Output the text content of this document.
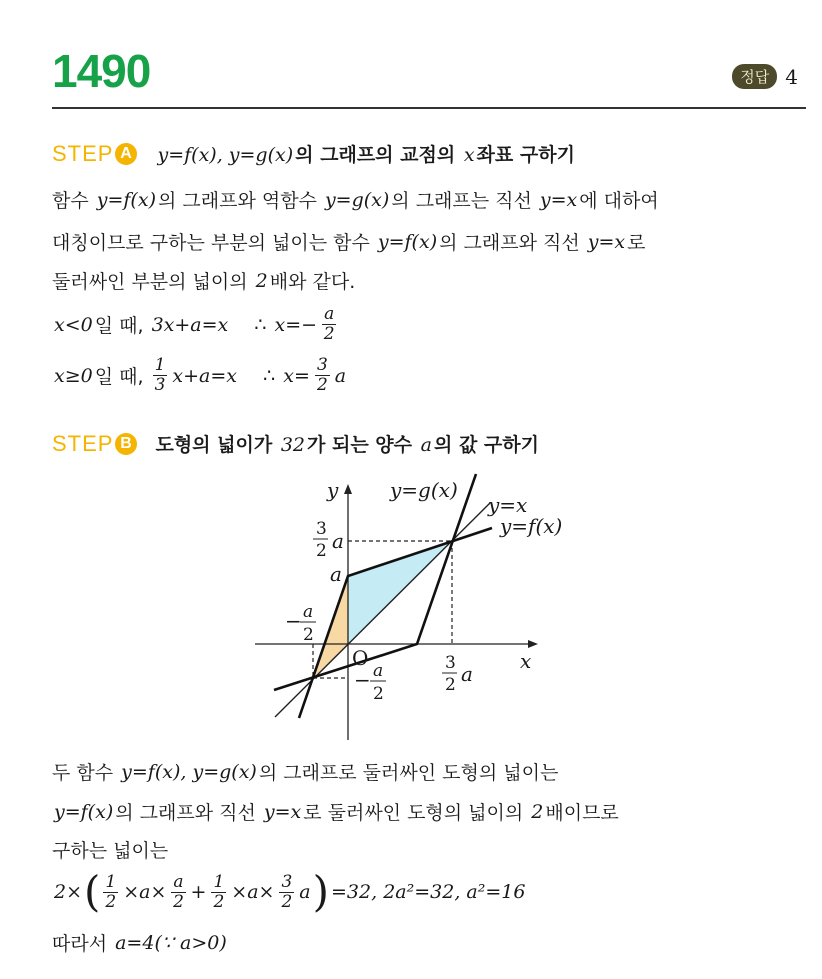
1490	정답 4
STEP A y=f(x), y=g(x) 의 그래프의 교점의 x 좌표 구하기
함수 y=f(x) 의 그래프와 역함수 y=g(x) 의 그래프는 직선 y=x 에 대하여
대칭이므로 구하는 부분의 넓이는 함수 y=f(x) 의 그래프와 직선 y=x 로
둘러싸인 부분의 넓이의 2 배와 같다.
x<0 일 때, 3x+a=x ∴ $x=- \frac{a}{2}$
x≥0 일 때, $\frac{1}{3} x+a=x$ ∴ $x= \frac{3}{2}$ a
STEP B 도형의 넓이가 32 가 되는 양수 a 의 값 구하기
y
x
O
y=g(x)
y=x
y=f(x)
a
3
2 a
− a
2
− a
2
3
2 a
두 함수 y=f(x), y=g(x) 의 그래프로 둘러싸인 도형의 넓이는
y=f(x) 의 그래프와 직선 y=x 로 둘러싸인 도형의 넓이의 2 배이므로
구하는 넓이는
2× ( $\frac{1}{2} \times a\times \frac{a}{2} + \frac{1}{2} \times a\times \frac{3}{2}$ a ) =32, 2a²=32, a²=16
따라서 a=4(∵ a>0)
